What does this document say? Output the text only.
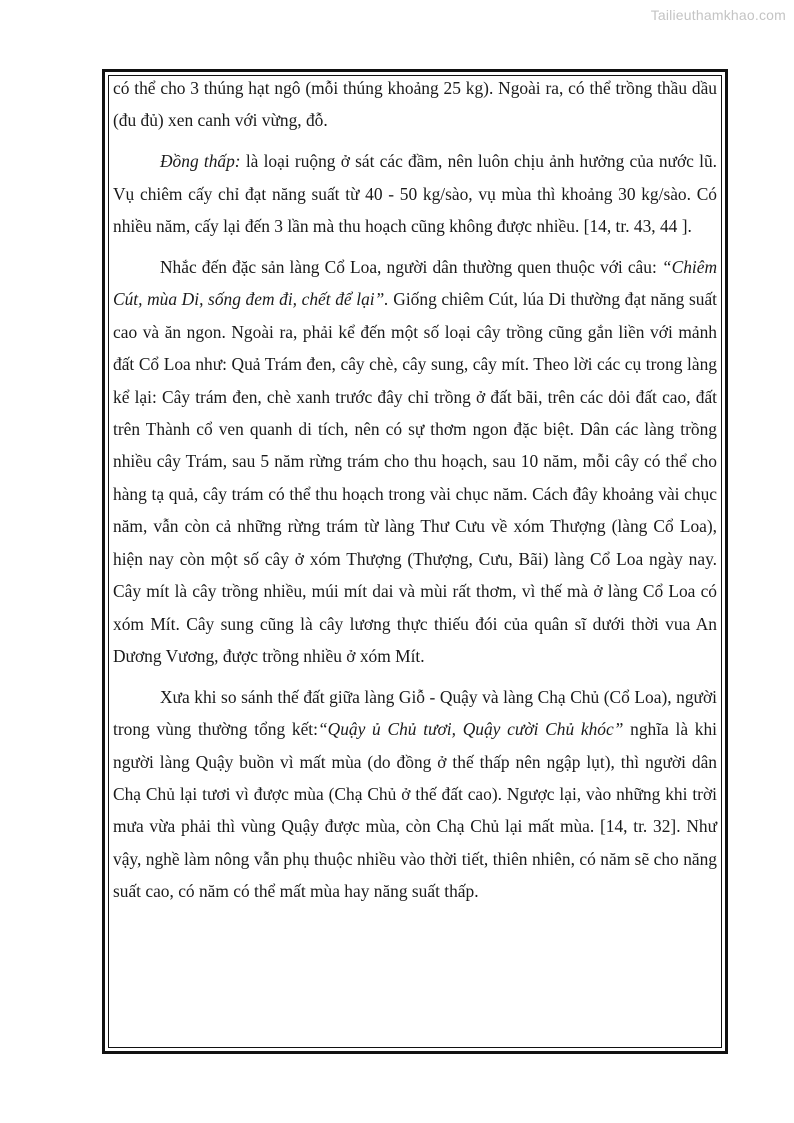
Tailieuthamkhao.com

có thể cho 3 thúng hạt ngô (mỗi thúng khoảng 25 kg). Ngoài ra, có thể trồng thầu dầu (đu đủ) xen canh với vừng, đỗ.

Đồng thấp: là loại ruộng ở sát các đầm, nên luôn chịu ảnh hưởng của nước lũ. Vụ chiêm cấy chỉ đạt năng suất từ 40 - 50 kg/sào, vụ mùa thì khoảng 30 kg/sào. Có nhiều năm, cấy lại đến 3 lần mà thu hoạch cũng không được nhiều. [14, tr. 43, 44 ].

Nhắc đến đặc sản làng Cổ Loa, người dân thường quen thuộc với câu: “Chiêm Cút, mùa Di, sống đem đi, chết để lại”. Giống chiêm Cút, lúa Di thường đạt năng suất cao và ăn ngon. Ngoài ra, phải kể đến một số loại cây trồng cũng gắn liền với mảnh đất Cổ Loa như: Quả Trám đen, cây chè, cây sung, cây mít. Theo lời các cụ trong làng kể lại: Cây trám đen, chè xanh trước đây chỉ trồng ở đất bãi, trên các dỏi đất cao, đất trên Thành cổ ven quanh di tích, nên có sự thơm ngon đặc biệt. Dân các làng trồng nhiều cây Trám, sau 5 năm rừng trám cho thu hoạch, sau 10 năm, mỗi cây có thể cho hàng tạ quả, cây trám có thể thu hoạch trong vài chục năm. Cách đây khoảng vài chục năm, vẫn còn cả những rừng trám từ làng Thư Cưu về xóm Thượng (làng Cổ Loa), hiện nay còn một số cây ở xóm Thượng (Thượng, Cưu, Bãi) làng Cổ Loa ngày nay. Cây mít là cây trồng nhiều, múi mít dai và mùi rất thơm, vì thế mà ở làng Cổ Loa có xóm Mít. Cây sung cũng là cây lương thực thiếu đói của quân sĩ dưới thời vua An Dương Vương, được trồng nhiều ở xóm Mít.

Xưa khi so sánh thế đất giữa làng Giỗ - Quậy và làng Chạ Chủ (Cổ Loa), người trong vùng thường tổng kết:“Quậy ủ Chủ tươi, Quậy cười Chủ khóc” nghĩa là khi người làng Quậy buồn vì mất mùa (do đồng ở thế thấp nên ngập lụt), thì người dân Chạ Chủ lại tươi vì được mùa (Chạ Chủ ở thế đất cao). Ngược lại, vào những khi trời mưa vừa phải thì vùng Quậy được mùa, còn Chạ Chủ lại mất mùa. [14, tr. 32]. Như vậy, nghề làm nông vẫn phụ thuộc nhiều vào thời tiết, thiên nhiên, có năm sẽ cho năng suất cao, có năm có thể mất mùa hay năng suất thấp.
